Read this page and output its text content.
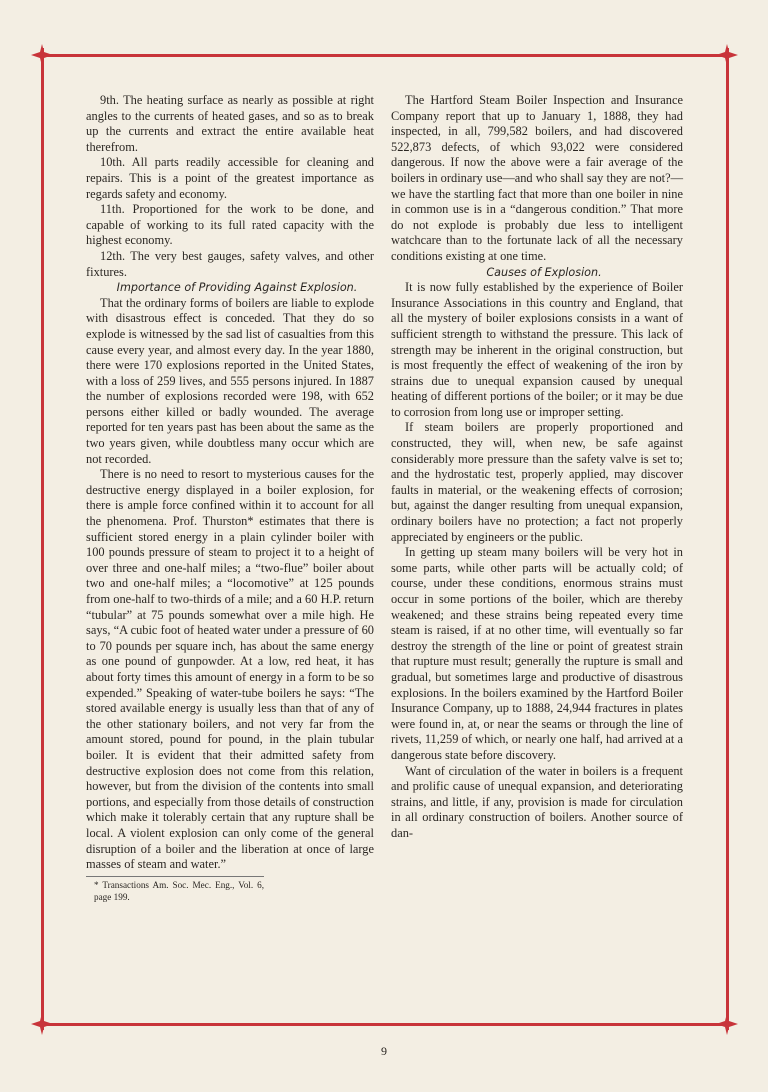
9th. The heating surface as nearly as possible at right angles to the currents of heated gases, and so as to break up the currents and extract the entire available heat therefrom.

10th. All parts readily accessible for cleaning and repairs. This is a point of the greatest importance as regards safety and economy.

11th. Proportioned for the work to be done, and capable of working to its full rated capacity with the highest economy.

12th. The very best gauges, safety valves, and other fixtures.

Importance of Providing Against Explosion.

That the ordinary forms of boilers are liable to explode with disastrous effect is conceded. That they do so explode is witnessed by the sad list of casualties from this cause every year, and almost every day. In the year 1880, there were 170 explosions reported in the United States, with a loss of 259 lives, and 555 persons injured. In 1887 the number of explosions recorded were 198, with 652 persons either killed or badly wounded. The average reported for ten years past has been about the same as the two years given, while doubtless many occur which are not recorded.

There is no need to resort to mysterious causes for the destructive energy displayed in a boiler explosion, for there is ample force confined within it to account for all the phenomena. Prof. Thurston* estimates that there is sufficient stored energy in a plain cylinder boiler with 100 pounds pressure of steam to project it to a height of over three and one-half miles; a “two-flue” boiler about two and one-half miles; a “locomotive” at 125 pounds from one-half to two-thirds of a mile; and a 60 H.P. return “tubular” at 75 pounds somewhat over a mile high. He says, “A cubic foot of heated water under a pressure of 60 to 70 pounds per square inch, has about the same energy as one pound of gunpowder. At a low, red heat, it has about forty times this amount of energy in a form to be so expended.” Speaking of water-tube boilers he says: “The stored available energy is usually less than that of any of the other stationary boilers, and not very far from the amount stored, pound for pound, in the plain tubular boiler. It is evident that their admitted safety from destructive explosion does not come from this relation, however, but from the division of the contents into small portions, and especially from those details of construction which make it tolerably certain that any rupture shall be local. A violent explosion can only come of the general disruption of a boiler and the liberation at once of large masses of steam and water.”

* Transactions Am. Soc. Mec. Eng., Vol. 6, page 199.

The Hartford Steam Boiler Inspection and Insurance Company report that up to January 1, 1888, they had inspected, in all, 799,582 boilers, and had discovered 522,873 defects, of which 93,022 were considered dangerous. If now the above were a fair average of the boilers in ordinary use—and who shall say they are not?—we have the startling fact that more than one boiler in nine in common use is in a “dangerous condition.” That more do not explode is probably due less to intelligent watchcare than to the fortunate lack of all the necessary conditions existing at one time.

Causes of Explosion.

It is now fully established by the experience of Boiler Insurance Associations in this country and England, that all the mystery of boiler explosions consists in a want of sufficient strength to withstand the pressure. This lack of strength may be inherent in the original construction, but is most frequently the effect of weakening of the iron by strains due to unequal expansion caused by unequal heating of different portions of the boiler; or it may be due to corrosion from long use or improper setting.

If steam boilers are properly proportioned and constructed, they will, when new, be safe against considerably more pressure than the safety valve is set to; and the hydrostatic test, properly applied, may discover faults in material, or the weakening effects of corrosion; but, against the danger resulting from unequal expansion, ordinary boilers have no protection; a fact not properly appreciated by engineers or the public.

In getting up steam many boilers will be very hot in some parts, while other parts will be actually cold; of course, under these conditions, enormous strains must occur in some portions of the boiler, which are thereby weakened; and these strains being repeated every time steam is raised, if at no other time, will eventually so far destroy the strength of the line or point of greatest strain that rupture must result; generally the rupture is small and gradual, but sometimes large and productive of disastrous explosions. In the boilers examined by the Hartford Boiler Insurance Company, up to 1888, 24,944 fractures in plates were found in, at, or near the seams or through the line of rivets, 11,259 of which, or nearly one half, had arrived at a dangerous state before discovery.

Want of circulation of the water in boilers is a frequent and prolific cause of unequal expansion, and deteriorating strains, and little, if any, provision is made for circulation in all ordinary construction of boilers. Another source of dan-

9
